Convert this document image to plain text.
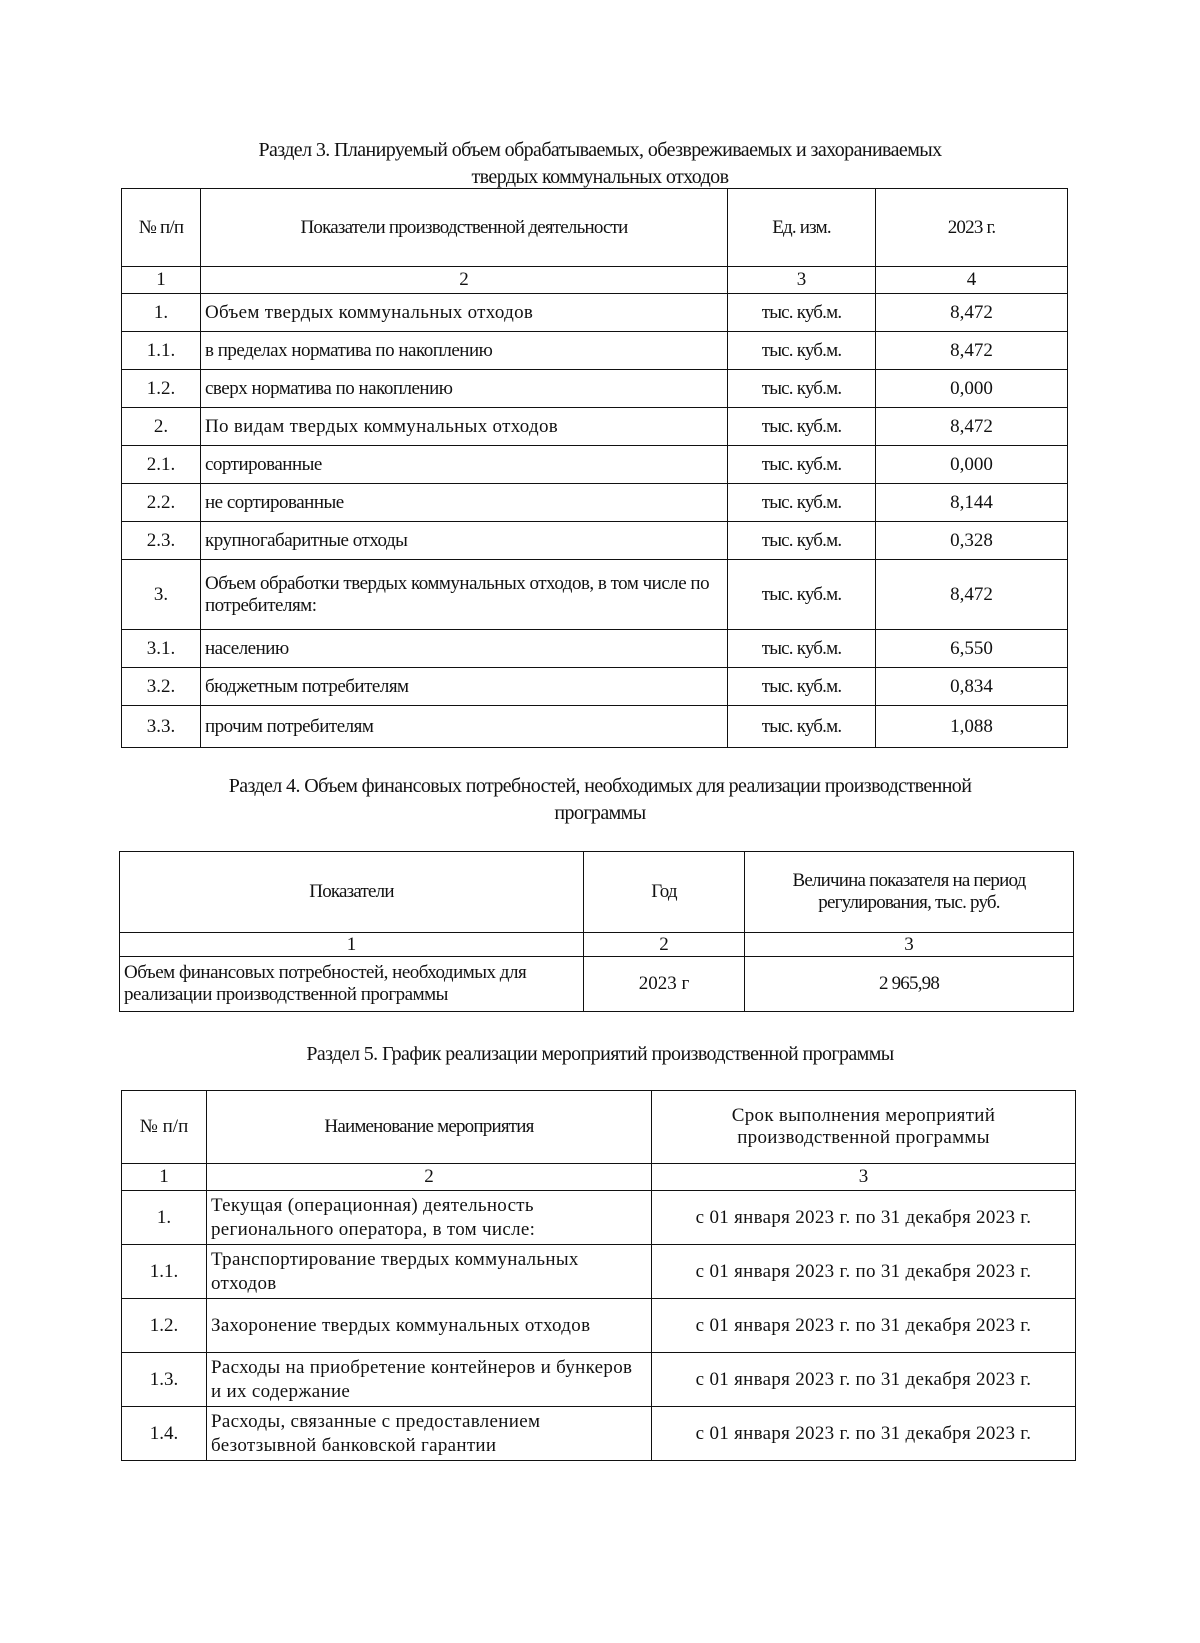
Раздел 3. Планируемый объем обрабатываемых, обезвреживаемых и захораниваемых
твердых коммунальных отходов
№ п/п	Показатели производственной деятельности	Ед. изм.	2023 г.
1	2	3	4
1.	Объем твердых коммунальных отходов	тыс. куб.м.	8,472
1.1.	в пределах норматива по накоплению	тыс. куб.м.	8,472
1.2.	сверх норматива по накоплению	тыс. куб.м.	0,000
2.	По видам твердых коммунальных отходов	тыс. куб.м.	8,472
2.1.	сортированные	тыс. куб.м.	0,000
2.2.	не сортированные	тыс. куб.м.	8,144
2.3.	крупногабаритные отходы	тыс. куб.м.	0,328
3.	Объем обработки твердых коммунальных отходов, в том числе по потребителям:	тыс. куб.м.	8,472
3.1.	населению	тыс. куб.м.	6,550
3.2.	бюджетным потребителям	тыс. куб.м.	0,834
3.3.	прочим потребителям	тыс. куб.м.	1,088
Раздел 4. Объем финансовых потребностей, необходимых для реализации производственной
программы
Показатели	Год	Величина показателя на период регулирования, тыс. руб.
1	2	3
Объем финансовых потребностей, необходимых для реализации производственной программы	2023 г	2 965,98
Раздел 5. График реализации мероприятий производственной программы
№ п/п	Наименование мероприятия	Срок выполнения мероприятий производственной программы
1	2	3
1.	Текущая (операционная) деятельность регионального оператора, в том числе:	с 01 января 2023 г. по 31 декабря 2023 г.
1.1.	Транспортирование твердых коммунальных отходов	с 01 января 2023 г. по 31 декабря 2023 г.
1.2.	Захоронение твердых коммунальных отходов	с 01 января 2023 г. по 31 декабря 2023 г.
1.3.	Расходы на приобретение контейнеров и бункеров и их содержание	с 01 января 2023 г. по 31 декабря 2023 г.
1.4.	Расходы, связанные с предоставлением безотзывной банковской гарантии	с 01 января 2023 г. по 31 декабря 2023 г.
